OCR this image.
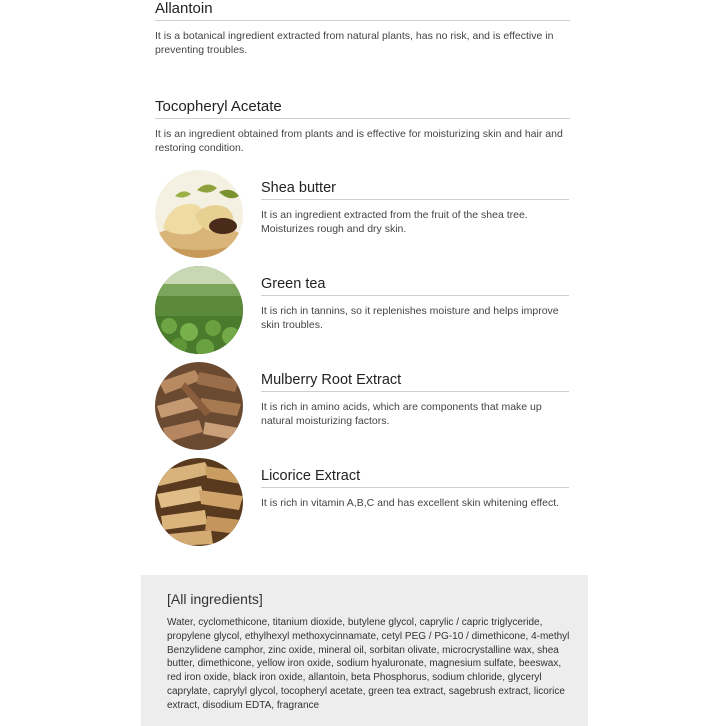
Allantoin
It is a botanical ingredient extracted from natural plants, has no risk, and is effective in preventing troubles.
Tocopheryl Acetate
It is an ingredient obtained from plants and is effective for moisturizing skin and hair and restoring condition.
Shea butter
It is an ingredient extracted from the fruit of the shea tree. Moisturizes rough and dry skin.
Green tea
It is rich in tannins, so it replenishes moisture and helps improve skin troubles.
Mulberry Root Extract
It is rich in amino acids, which are components that make up natural moisturizing factors.
Licorice Extract
It is rich in vitamin A,B,C and has excellent skin whitening effect.
[All ingredients]
Water, cyclomethicone, titanium dioxide, butylene glycol, caprylic / capric triglyceride, propylene glycol, ethylhexyl methoxycinnamate, cetyl PEG / PG-10 / dimethicone, 4-methyl Benzylidene camphor, zinc oxide, mineral oil, sorbitan olivate, microcrystalline wax, shea butter, dimethicone, yellow iron oxide, sodium hyaluronate, magnesium sulfate, beeswax, red iron oxide, black iron oxide, allantoin, beta Phosphorus, sodium chloride, glyceryl caprylate, caprylyl glycol, tocopheryl acetate, green tea extract, sagebrush extract, licorice extract, disodium EDTA, fragrance
